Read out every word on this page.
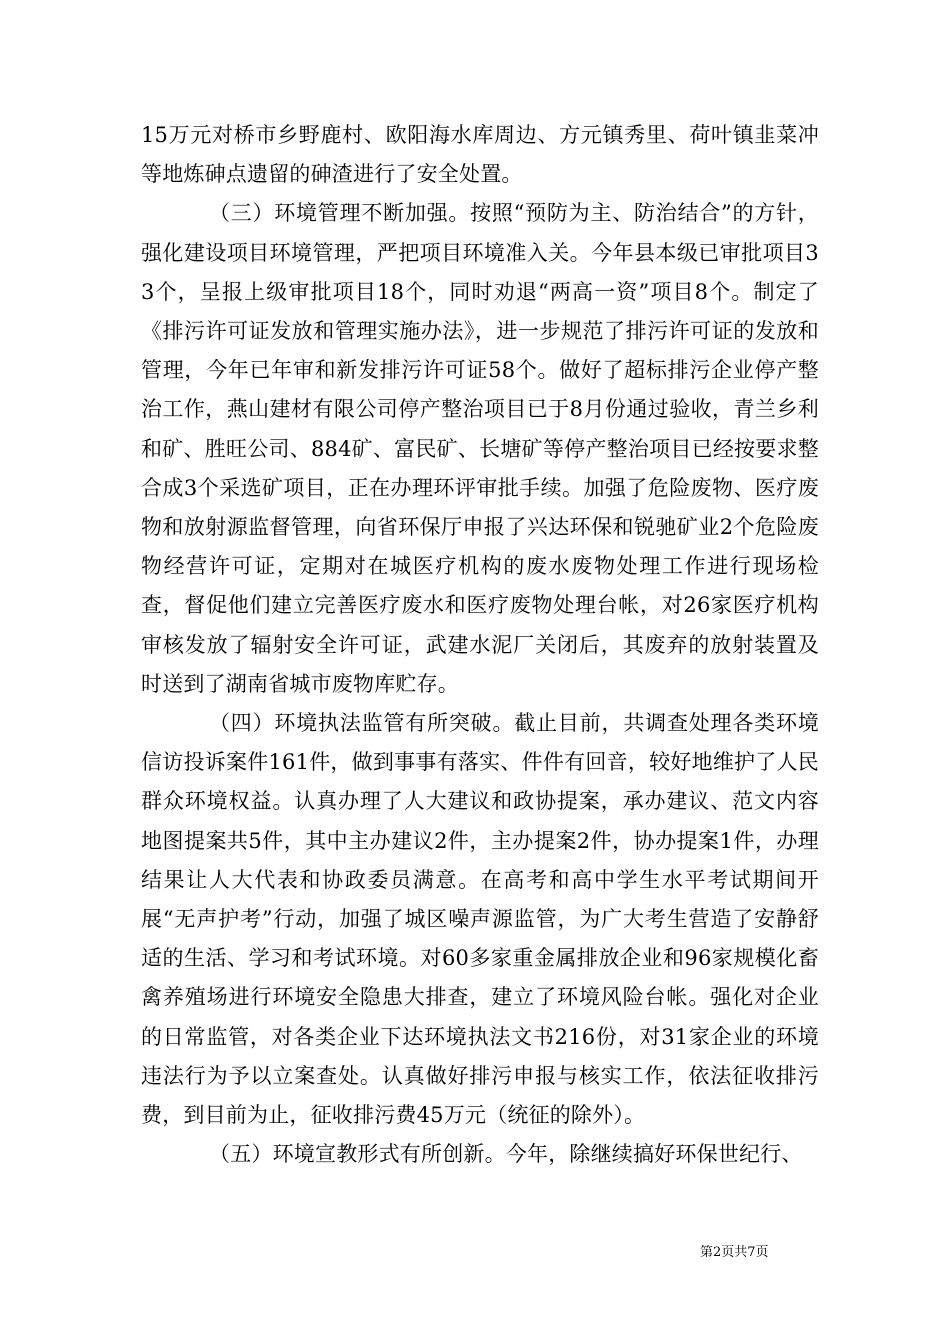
15万元对桥市乡野鹿村、欧阳海水库周边、方元镇秀里、荷叶镇韭菜冲等地炼砷点遗留的砷渣进行了安全处置。

（三）环境管理不断加强。按照“预防为主、防治结合”的方针，强化建设项目环境管理，严把项目环境准入关。今年县本级已审批项目33个，呈报上级审批项目18个，同时劝退“两高一资”项目8个。制定了《排污许可证发放和管理实施办法》，进一步规范了排污许可证的发放和管理，今年已年审和新发排污许可证58个。做好了超标排污企业停产整治工作，燕山建材有限公司停产整治项目已于8月份通过验收，青兰乡利和矿、胜旺公司、884矿、富民矿、长塘矿等停产整治项目已经按要求整合成3个采选矿项目，正在办理环评审批手续。加强了危险废物、医疗废物和放射源监督管理，向省环保厅申报了兴达环保和锐驰矿业2个危险废物经营许可证，定期对在城医疗机构的废水废物处理工作进行现场检查，督促他们建立完善医疗废水和医疗废物处理台帐，对26家医疗机构审核发放了辐射安全许可证，武建水泥厂关闭后，其废弃的放射装置及时送到了湖南省城市废物库贮存。

（四）环境执法监管有所突破。截止目前，共调查处理各类环境信访投诉案件161件，做到事事有落实、件件有回音，较好地维护了人民群众环境权益。认真办理了人大建议和政协提案，承办建议、范文内容地图提案共5件，其中主办建议2件，主办提案2件，协办提案1件，办理结果让人大代表和协政委员满意。在高考和高中学生水平考试期间开展“无声护考”行动，加强了城区噪声源监管，为广大考生营造了安静舒适的生活、学习和考试环境。对60多家重金属排放企业和96家规模化畜禽养殖场进行环境安全隐患大排查，建立了环境风险台帐。强化对企业的日常监管，对各类企业下达环境执法文书216份，对31家企业的环境违法行为予以立案查处。认真做好排污申报与核实工作，依法征收排污费，到目前为止，征收排污费45万元（统征的除外）。

（五）环境宣教形式有所创新。今年，除继续搞好环保世纪行、

第2页共7页
